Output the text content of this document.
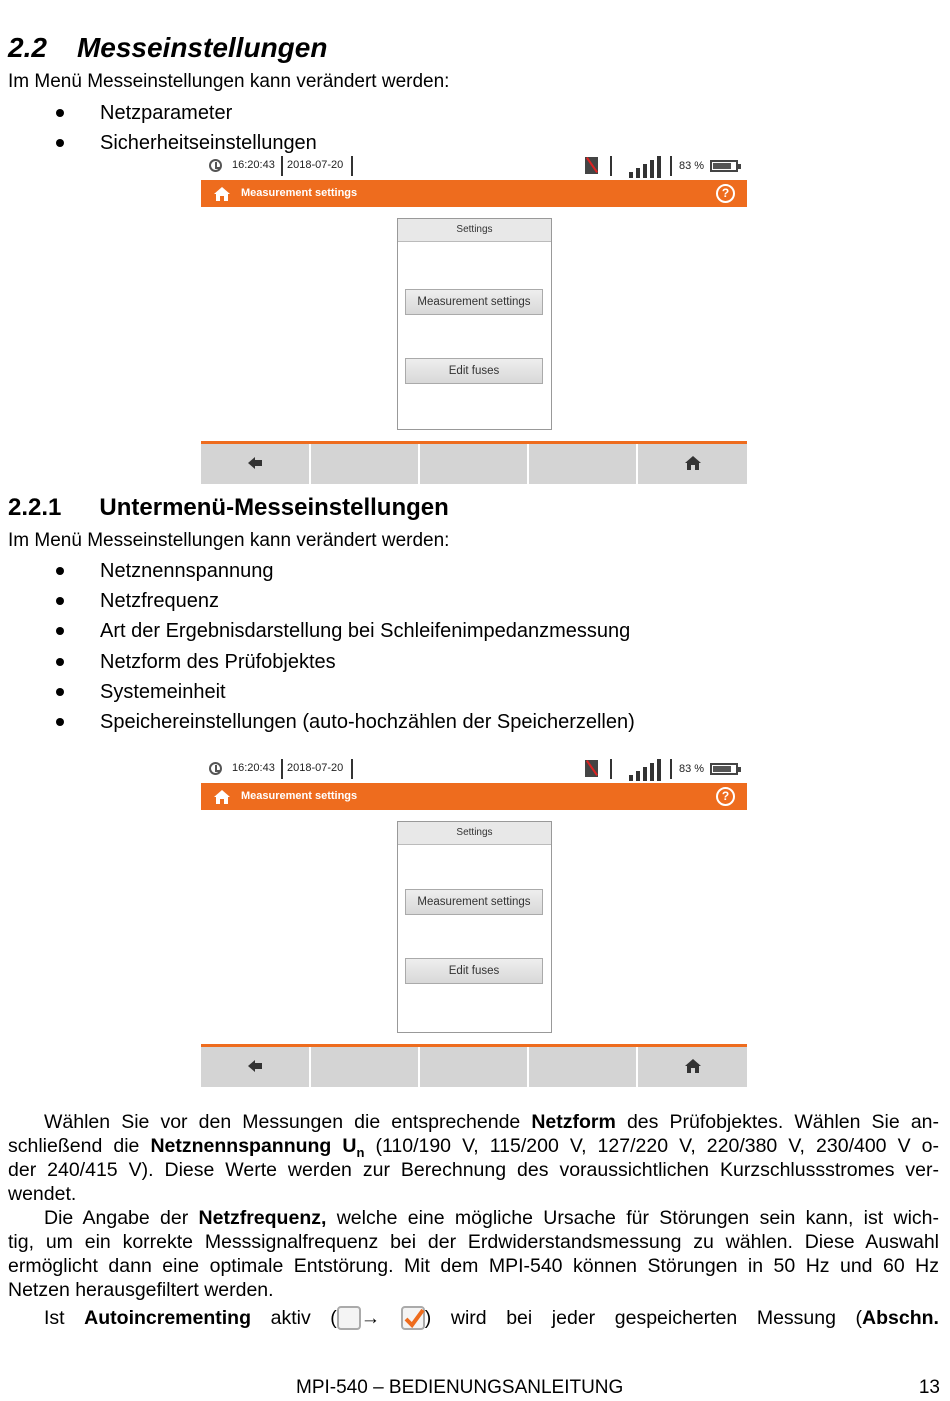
2.2 Messeinstellungen
Im Menü Messeinstellungen kann verändert werden:
Netzparameter
Sicherheitseinstellungen
16:20:43 2018-07-20	83 %
Measurement settings	?
Settings
Measurement settings
Edit fuses
2.2.1 Untermenü-Messeinstellungen
Im Menü Messeinstellungen kann verändert werden:
Netznennspannung
Netzfrequenz
Art der Ergebnisdarstellung bei Schleifenimpedanzmessung
Netzform des Prüfobjektes
Systemeinheit
Speichereinstellungen (auto-hochzählen der Speicherzellen)
16:20:43 2018-07-20	83 %
Measurement settings	?
Settings
Measurement settings
Edit fuses
Wählen Sie vor den Messungen die entsprechende Netzform des Prüfobjektes. Wählen Sie an-
schließend die Netznennspannung $U_n$ (110/190 V, 115/200 V, 127/220 V, 220/380 V, 230/400 V o-
der 240/415 V). Diese Werte werden zur Berechnung des voraussichtlichen Kurzschlussstromes ver-
wendet.
Die Angabe der Netzfrequenz, welche eine mögliche Ursache für Störungen sein kann, ist wich-
tig, um ein korrekte Messsignalfrequenz bei der Erdwiderstandsmessung zu wählen. Diese Auswahl
ermöglicht dann eine optimale Entstörung. Mit dem MPI-540 können Störungen in 50 Hz und 60 Hz
Netzen herausgefiltert werden.
Ist Autoincrementing aktiv ( → ) wird bei jeder gespeicherten Messung (Abschn.
MPI-540 – BEDIENUNGSANLEITUNG	13
